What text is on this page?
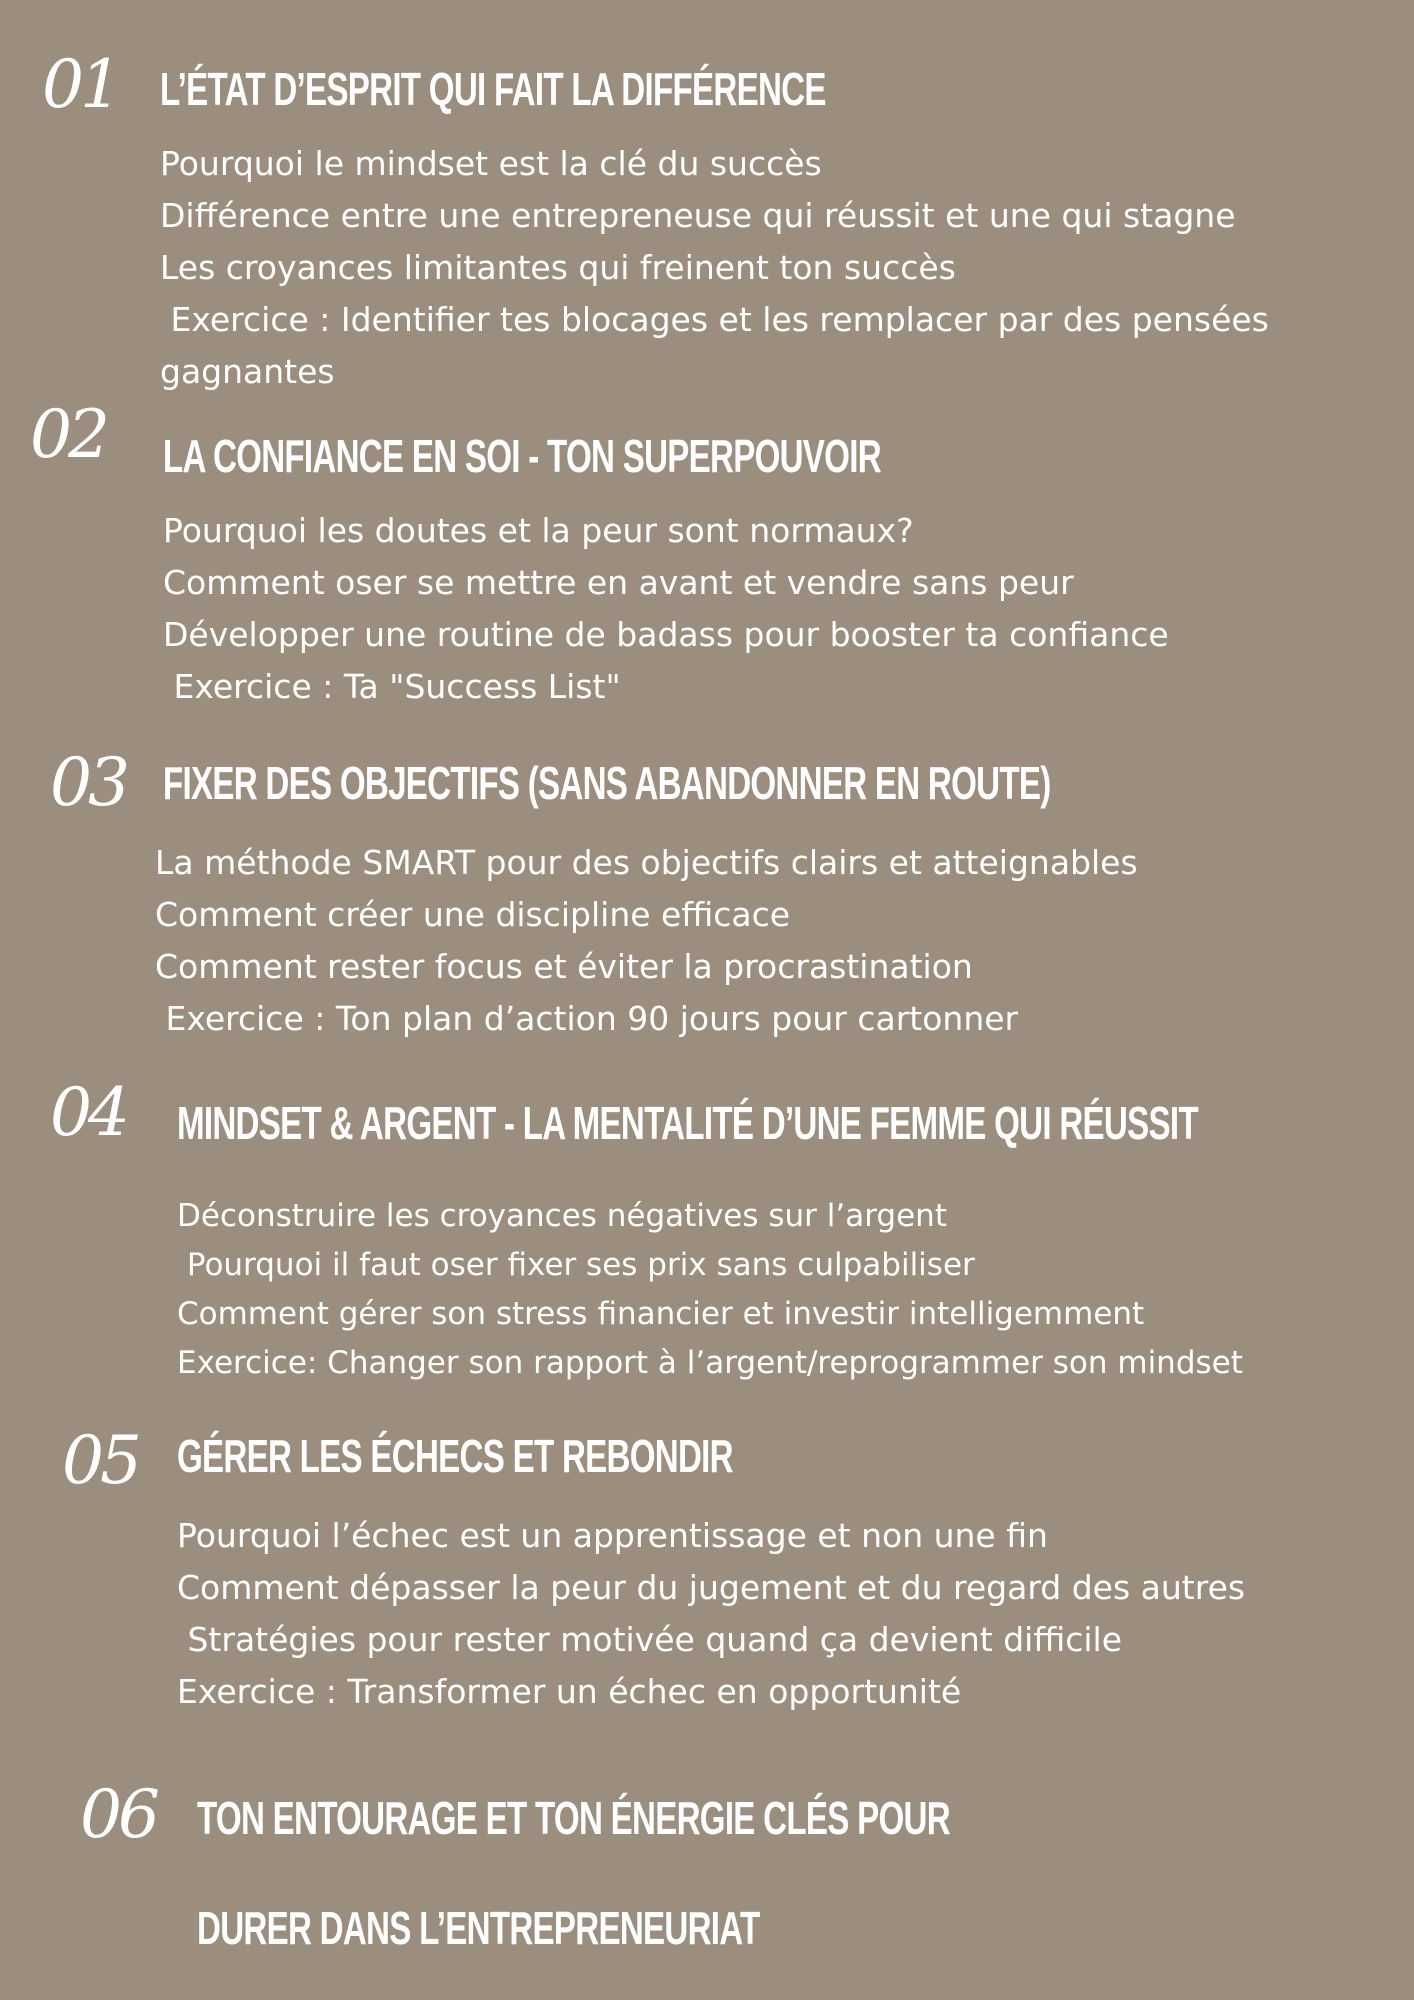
01 L’ÉTAT D’ESPRIT QUI FAIT LA DIFFÉRENCE
Pourquoi le mindset est la clé du succès
Différence entre une entrepreneuse qui réussit et une qui stagne
Les croyances limitantes qui freinent ton succès
Exercice : Identifier tes blocages et les remplacer par des pensées gagnantes
02 LA CONFIANCE EN SOI - TON SUPERPOUVOIR
Pourquoi les doutes et la peur sont normaux?
Comment oser se mettre en avant et vendre sans peur
Développer une routine de badass pour booster ta confiance
Exercice : Ta "Success List"
03 FIXER DES OBJECTIFS (SANS ABANDONNER EN ROUTE)
La méthode SMART pour des objectifs clairs et atteignables
Comment créer une discipline efficace
Comment rester focus et éviter la procrastination
Exercice : Ton plan d’action 90 jours pour cartonner
04 MINDSET & ARGENT - LA MENTALITÉ D’UNE FEMME QUI RÉUSSIT
Déconstruire les croyances négatives sur l’argent
Pourquoi il faut oser fixer ses prix sans culpabiliser
Comment gérer son stress financier et investir intelligemment
Exercice: Changer son rapport à l’argent/reprogrammer son mindset
05 GÉRER LES ÉCHECS ET REBONDIR
Pourquoi l’échec est un apprentissage et non une fin
Comment dépasser la peur du jugement et du regard des autres
Stratégies pour rester motivée quand ça devient difficile
Exercice : Transformer un échec en opportunité
06 TON ENTOURAGE ET TON ÉNERGIE CLÉS POUR DURER DANS L’ENTREPRENEURIAT
